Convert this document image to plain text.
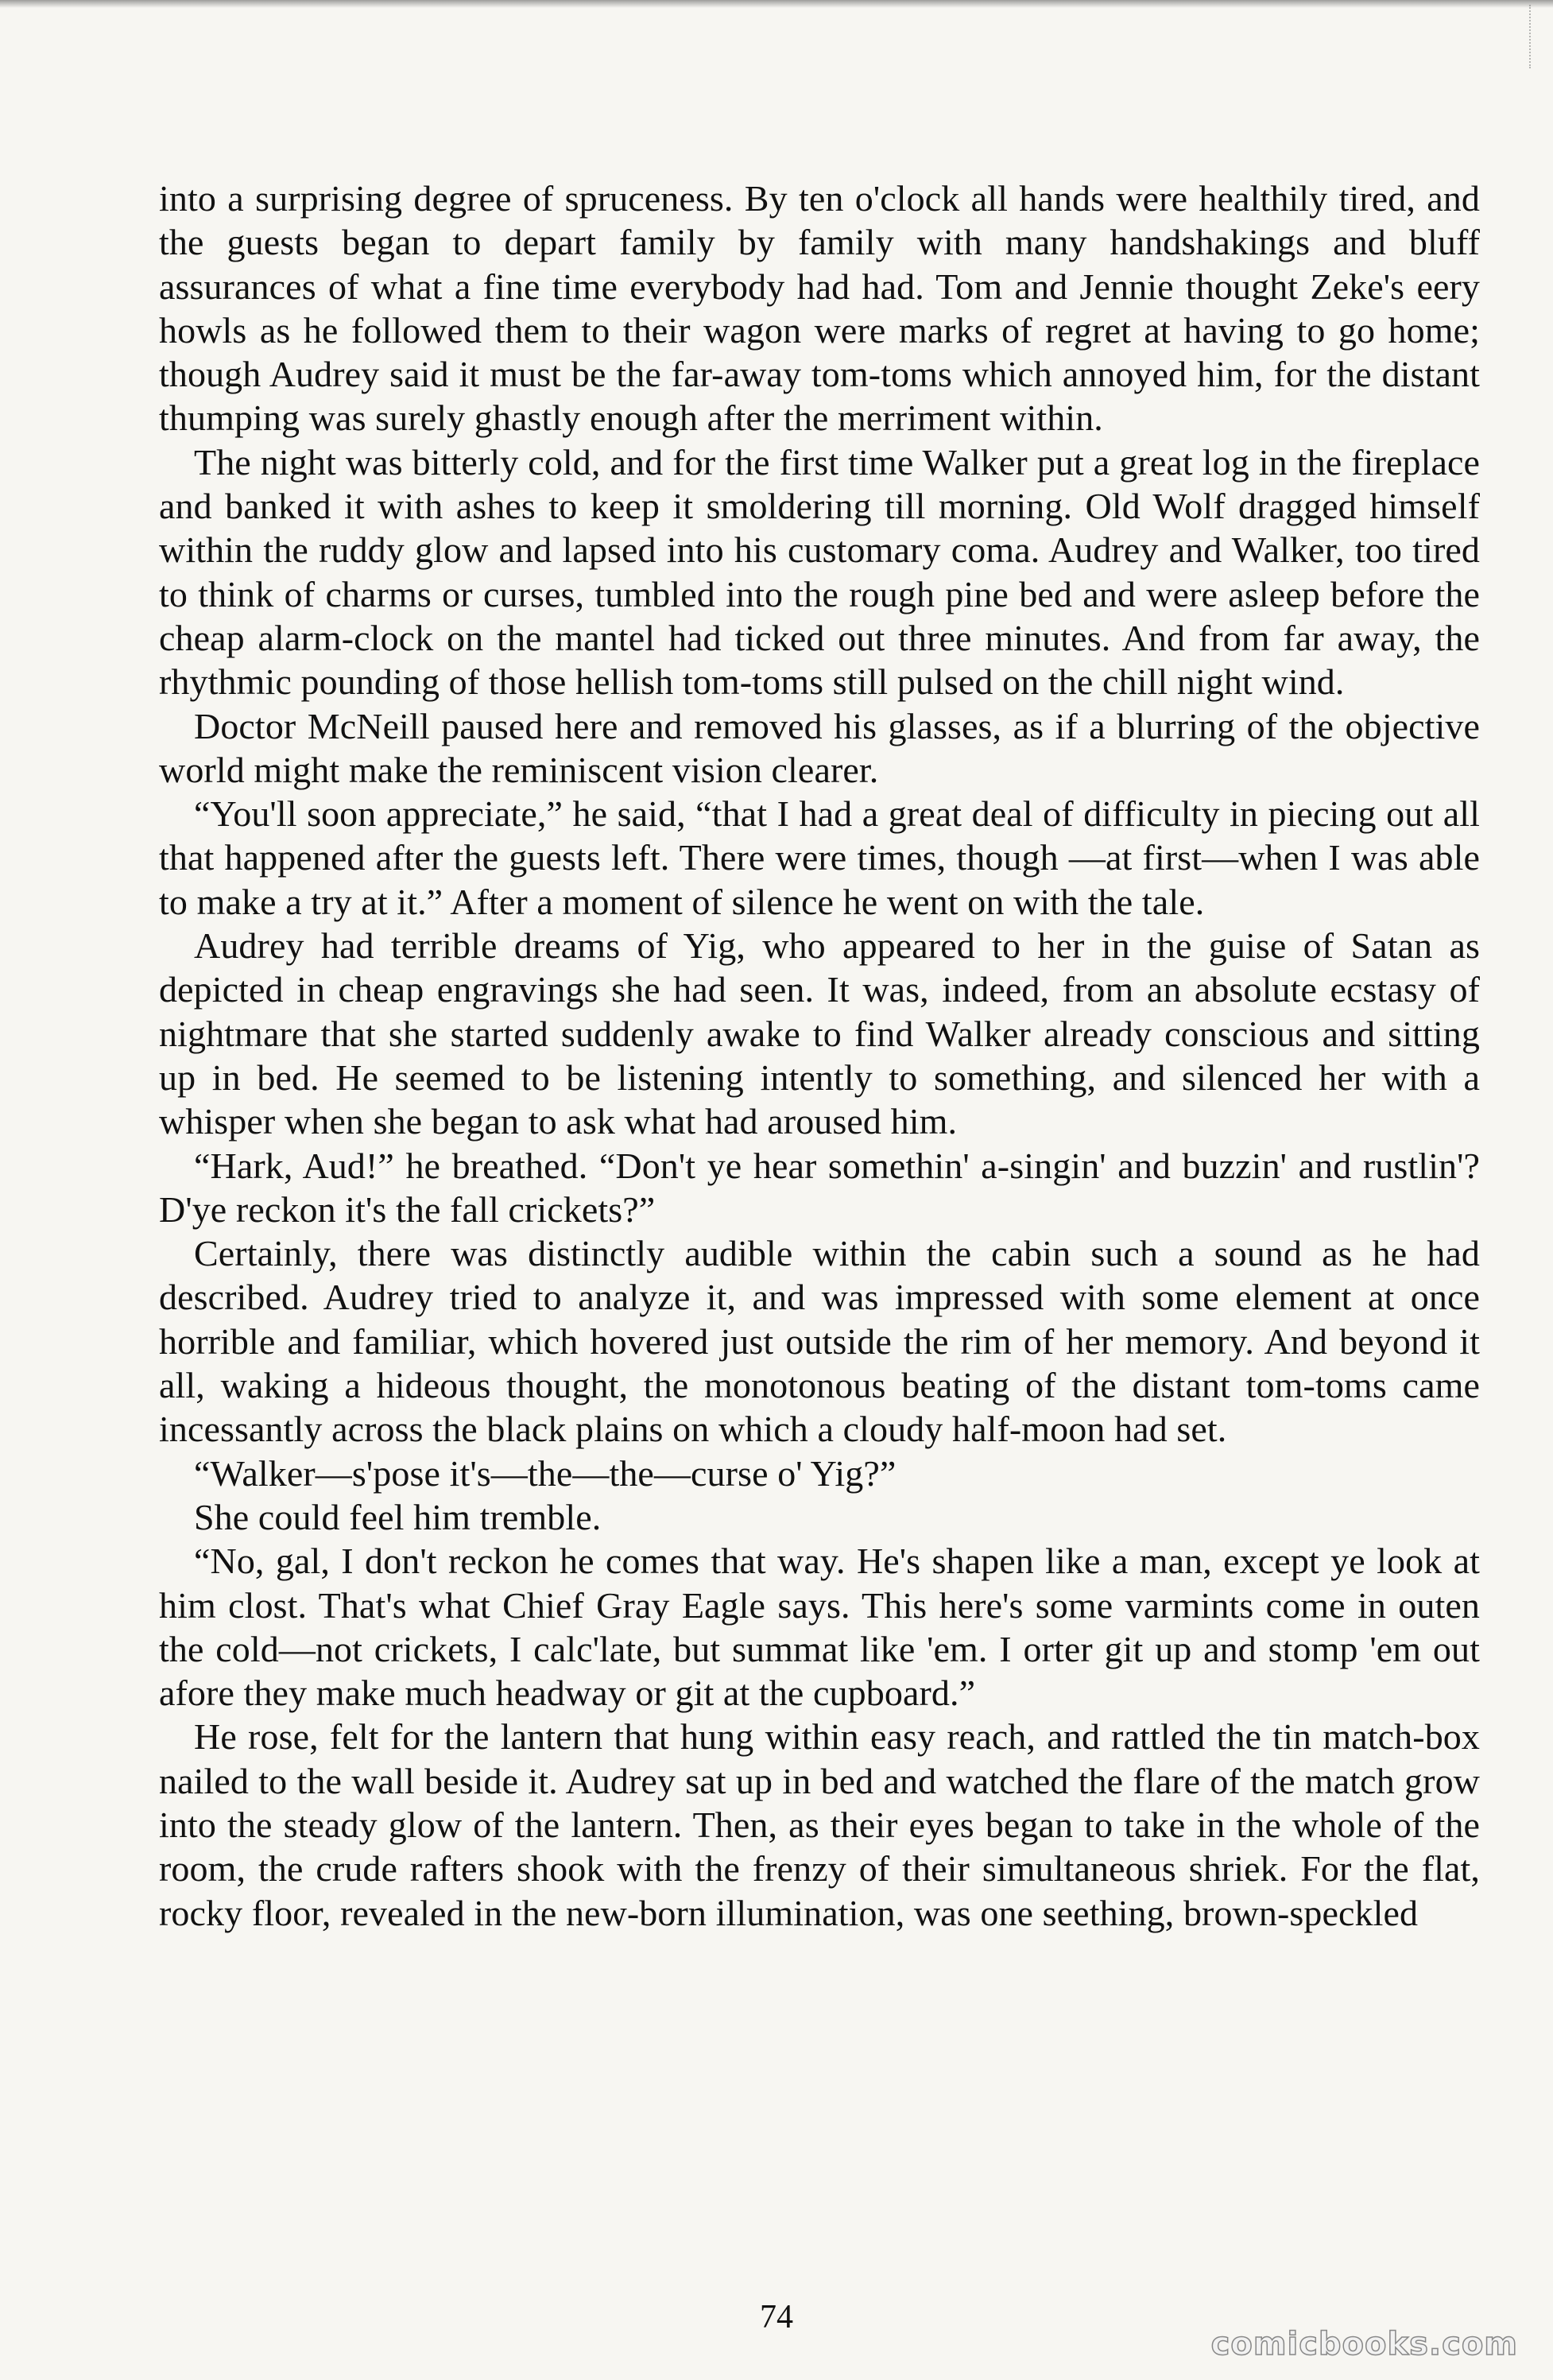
into a surprising degree of spruceness. By ten o'clock all hands were healthily tired, and the guests began to depart family by family with many handshakings and bluff assurances of what a fine time everybody had had. Tom and Jennie thought Zeke's eery howls as he followed them to their wagon were marks of regret at having to go home; though Audrey said it must be the far-away tom-toms which annoyed him, for the distant thumping was surely ghastly enough after the merriment within.

The night was bitterly cold, and for the first time Walker put a great log in the fireplace and banked it with ashes to keep it smoldering till morning. Old Wolf dragged himself within the ruddy glow and lapsed into his customary coma. Audrey and Walker, too tired to think of charms or curses, tumbled into the rough pine bed and were asleep before the cheap alarm-clock on the mantel had ticked out three minutes. And from far away, the rhythmic pounding of those hellish tom-toms still pulsed on the chill night wind.

Doctor McNeill paused here and removed his glasses, as if a blurring of the objective world might make the reminiscent vision clearer.

“You'll soon appreciate,” he said, “that I had a great deal of difficulty in piecing out all that happened after the guests left. There were times, though —at first—when I was able to make a try at it.” After a moment of silence he went on with the tale.

Audrey had terrible dreams of Yig, who appeared to her in the guise of Satan as depicted in cheap engravings she had seen. It was, indeed, from an absolute ecstasy of nightmare that she started suddenly awake to find Walker already conscious and sitting up in bed. He seemed to be listening intently to something, and silenced her with a whisper when she began to ask what had aroused him.

“Hark, Aud!” he breathed. “Don't ye hear somethin' a-singin' and buzzin' and rustlin'? D'ye reckon it's the fall crickets?”

Certainly, there was distinctly audible within the cabin such a sound as he had described. Audrey tried to analyze it, and was impressed with some element at once horrible and familiar, which hovered just outside the rim of her memory. And beyond it all, waking a hideous thought, the monotonous beating of the distant tom-toms came incessantly across the black plains on which a cloudy half-moon had set.

“Walker—s'pose it's—the—the—curse o' Yig?”

She could feel him tremble.

“No, gal, I don't reckon he comes that way. He's shapen like a man, except ye look at him clost. That's what Chief Gray Eagle says. This here's some varmints come in outen the cold—not crickets, I calc'late, but summat like 'em. I orter git up and stomp 'em out afore they make much headway or git at the cupboard.”

He rose, felt for the lantern that hung within easy reach, and rattled the tin match-box nailed to the wall beside it. Audrey sat up in bed and watched the flare of the match grow into the steady glow of the lantern. Then, as their eyes began to take in the whole of the room, the crude rafters shook with the frenzy of their simultaneous shriek. For the flat, rocky floor, revealed in the new-born illumination, was one seething, brown-speckled

74
comicbooks.com
